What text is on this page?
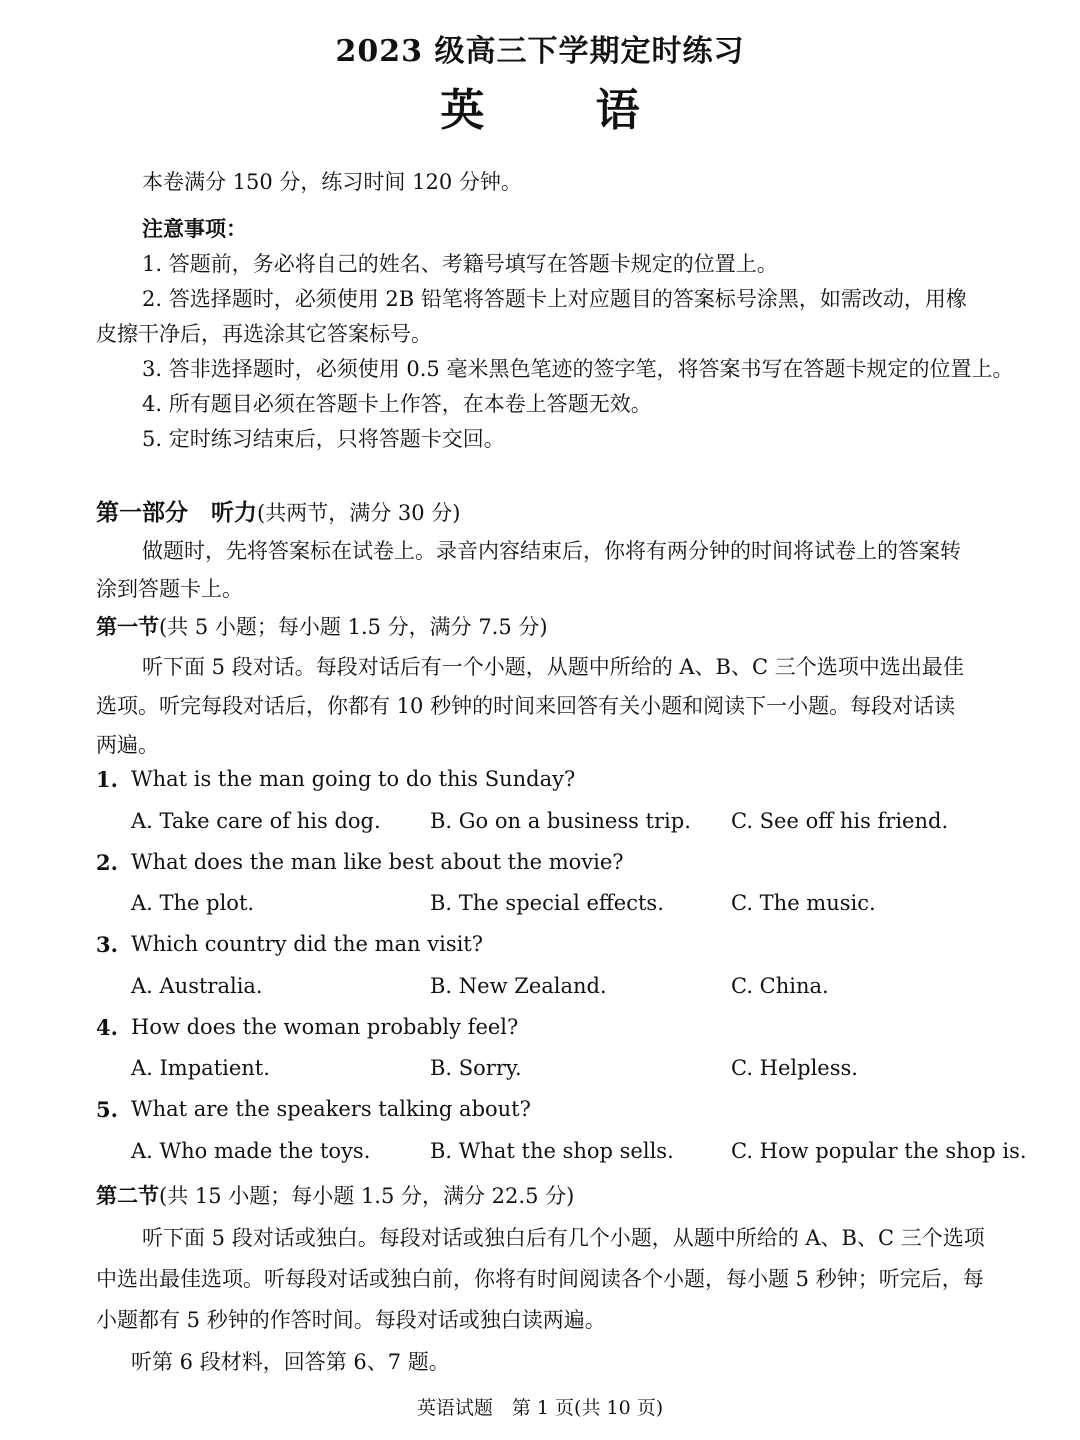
2023 级高三下学期定时练习
英 语
本卷满分 150 分，练习时间 120 分钟。
注意事项：
1. 答题前，务必将自己的姓名、考籍号填写在答题卡规定的位置上。
2. 答选择题时，必须使用 2B 铅笔将答题卡上对应题目的答案标号涂黑，如需改动，用橡
皮擦干净后，再选涂其它答案标号。
3. 答非选择题时，必须使用 0.5 毫米黑色笔迹的签字笔，将答案书写在答题卡规定的位置上。
4. 所有题目必须在答题卡上作答，在本卷上答题无效。
5. 定时练习结束后，只将答题卡交回。
第一部分　听力(共两节，满分 30 分)
做题时，先将答案标在试卷上。录音内容结束后，你将有两分钟的时间将试卷上的答案转
涂到答题卡上。
第一节(共 5 小题；每小题 1.5 分，满分 7.5 分)
听下面 5 段对话。每段对话后有一个小题，从题中所给的 A、B、C 三个选项中选出最佳
选项。听完每段对话后，你都有 10 秒钟的时间来回答有关小题和阅读下一小题。每段对话读
两遍。
1. What is the man going to do this Sunday?
A. Take care of his dog. B. Go on a business trip. C. See off his friend.
2. What does the man like best about the movie?
A. The plot.	B. The special effects.	C. The music.
3. Which country did the man visit?
A. Australia.	B. New Zealand.	C. China.
4. How does the woman probably feel?
A. Impatient.	B. Sorry.	C. Helpless.
5. What are the speakers talking about?
A. Who made the toys.	B. What the shop sells.	C. How popular the shop is.
第二节(共 15 小题；每小题 1.5 分，满分 22.5 分)
听下面 5 段对话或独白。每段对话或独白后有几个小题，从题中所给的 A、B、C 三个选项
中选出最佳选项。听每段对话或独白前，你将有时间阅读各个小题，每小题 5 秒钟；听完后，每
小题都有 5 秒钟的作答时间。每段对话或独白读两遍。
听第 6 段材料，回答第 6、7 题。
英语试题　第 1 页(共 10 页)
